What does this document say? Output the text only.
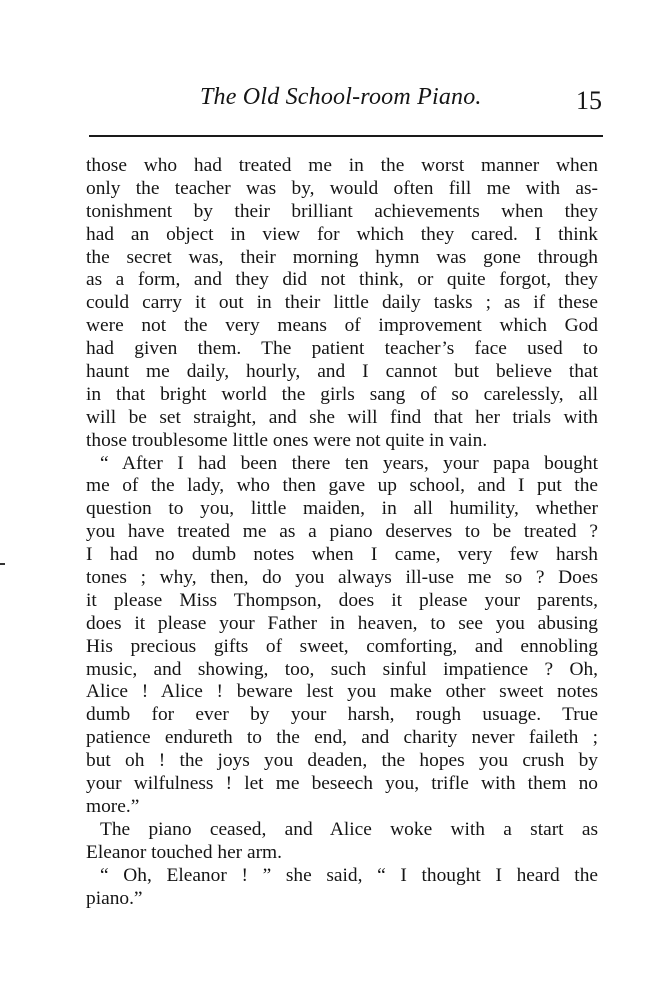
The Old School-room Piano.	15
those who had treated me in the worst manner when
only the teacher was by, would often fill me with as-
tonishment by their brilliant achievements when they
had an object in view for which they cared. I think
the secret was, their morning hymn was gone through
as a form, and they did not think, or quite forgot, they
could carry it out in their little daily tasks ; as if these
were not the very means of improvement which God
had given them. The patient teacher’s face used to
haunt me daily, hourly, and I cannot but believe that
in that bright world the girls sang of so carelessly, all
will be set straight, and she will find that her trials with
those troublesome little ones were not quite in vain.
“ After I had been there ten years, your papa bought
me of the lady, who then gave up school, and I put the
question to you, little maiden, in all humility, whether
you have treated me as a piano deserves to be treated ?
I had no dumb notes when I came, very few harsh
tones ; why, then, do you always ill-use me so ? Does
it please Miss Thompson, does it please your parents,
does it please your Father in heaven, to see you abusing
His precious gifts of sweet, comforting, and ennobling
music, and showing, too, such sinful impatience ? Oh,
Alice ! Alice ! beware lest you make other sweet notes
dumb for ever by your harsh, rough usuage. True
patience endureth to the end, and charity never faileth ;
but oh ! the joys you deaden, the hopes you crush by
your wilfulness ! let me beseech you, trifle with them no
more.”
The piano ceased, and Alice woke with a start as
Eleanor touched her arm.
“ Oh, Eleanor ! ” she said, “ I thought I heard the
piano.”
